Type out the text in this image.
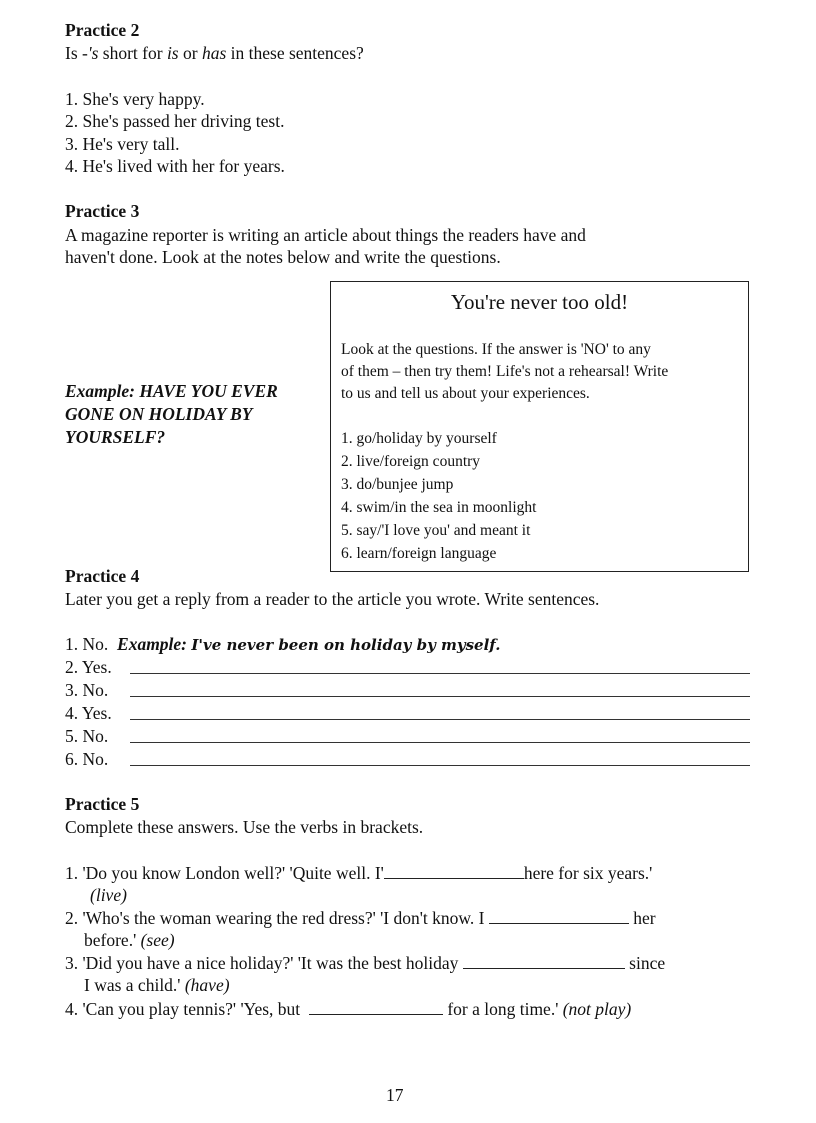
Practice 2
Is -'s short for is or has in these sentences?
1. She's very happy.
2. She's passed her driving test.
3. He's very tall.
4. He's lived with her for years.
Practice 3
A magazine reporter is writing an article about things the readers have and
haven't done. Look at the notes below and write the questions.
Example: HAVE YOU EVER
GONE ON HOLIDAY BY
YOURSELF?
You're never too old!
Look at the questions. If the answer is 'NO' to any
of them – then try them! Life's not a rehearsal! Write
to us and tell us about your experiences.
1. go/holiday by yourself
2. live/foreign country
3. do/bunjee jump
4. swim/in the sea in moonlight
5. say/'I love you' and meant it
6. learn/foreign language
Practice 4
Later you get a reply from a reader to the article you wrote. Write sentences.
1. No. Example: I've never been on holiday by myself.
2. Yes.
3. No.
4. Yes.
5. No.
6. No.
Practice 5
Complete these answers. Use the verbs in brackets.
1. 'Do you know London well?' 'Quite well. I'	here for six years.'
(live)
2. 'Who's the woman wearing the red dress?' 'I don't know. I	her
before.' (see)
3. 'Did you have a nice holiday?' 'It was the best holiday	since
I was a child.' (have)
4. 'Can you play tennis?' 'Yes, but	for a long time.' (not play)
17
